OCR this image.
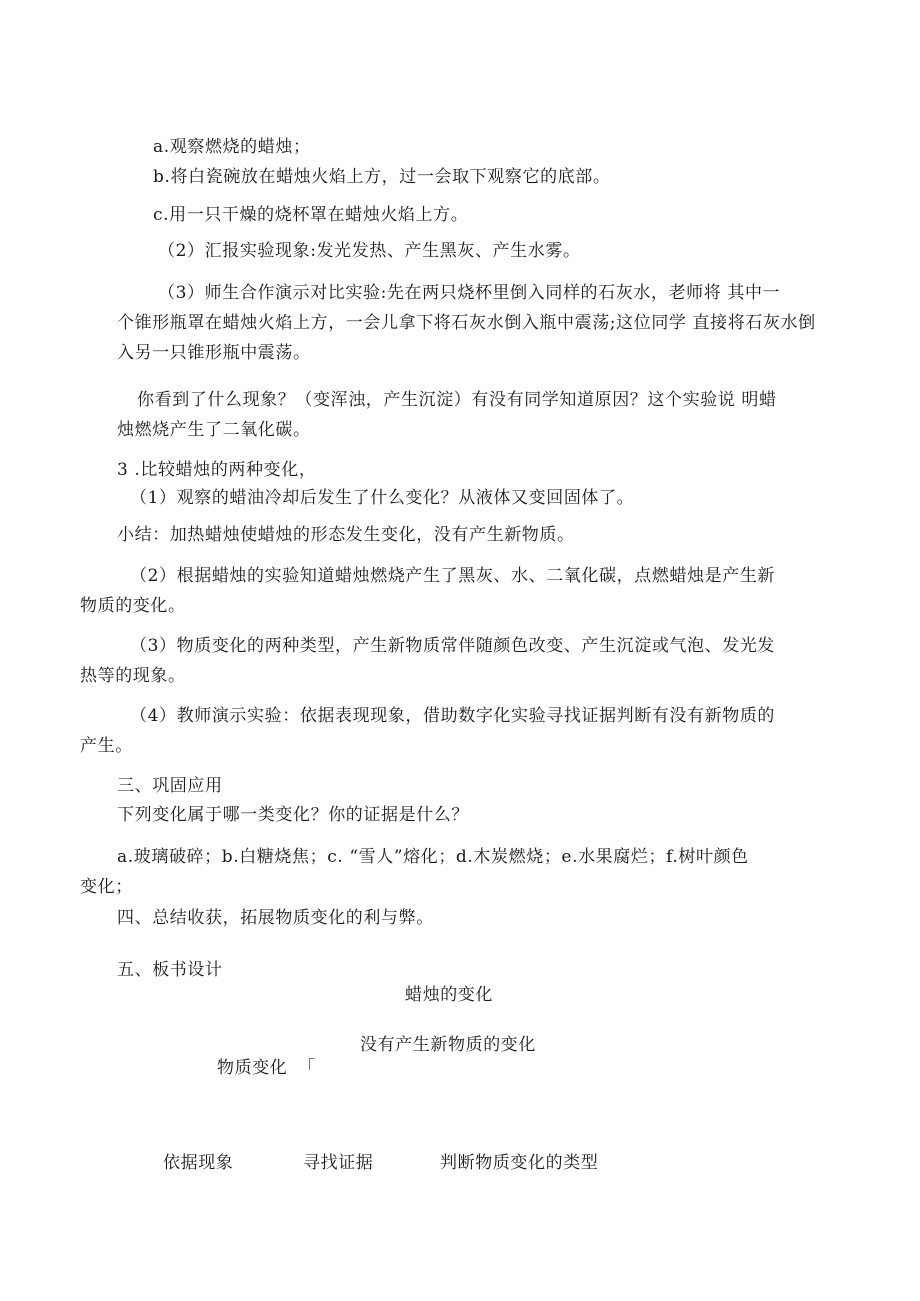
a.观察燃烧的蜡烛；
b.将白瓷碗放在蜡烛火焰上方，过一会取下观察它的底部。
c.用一只干燥的烧杯罩在蜡烛火焰上方。
（2）汇报实验现象:发光发热、产生黑灰、产生水雾。
（3）师生合作演示对比实验:先在两只烧杯里倒入同样的石灰水，老师将 其中一
个锥形瓶罩在蜡烛火焰上方，一会儿拿下将石灰水倒入瓶中震荡;这位同学 直接将石灰水倒
入另一只锥形瓶中震荡。
你看到了什么现象？（变浑浊，产生沉淀）有没有同学知道原因？这个实验说 明蜡
烛燃烧产生了二氧化碳。
3 .比较蜡烛的两种变化，
（1）观察的蜡油冷却后发生了什么变化？从液体又变回固体了。
小结：加热蜡烛使蜡烛的形态发生变化，没有产生新物质。
（2）根据蜡烛的实验知道蜡烛燃烧产生了黑灰、水、二氧化碳，点燃蜡烛是产生新
物质的变化。
（3）物质变化的两种类型，产生新物质常伴随颜色改变、产生沉淀或气泡、发光发
热等的现象。
（4）教师演示实验：依据表现现象，借助数字化实验寻找证据判断有没有新物质的
产生。
三、巩固应用
下列变化属于哪一类变化？你的证据是什么？
a.玻璃破碎；b.白糖烧焦；c. “雪人”熔化；d.木炭燃烧；e.水果腐烂；f.树叶颜色
变化；
四、总结收获，拓展物质变化的利与弊。
五、板书设计
蜡烛的变化
没有产生新物质的变化
物质变化 「
依据现象	寻找证据	判断物质变化的类型
